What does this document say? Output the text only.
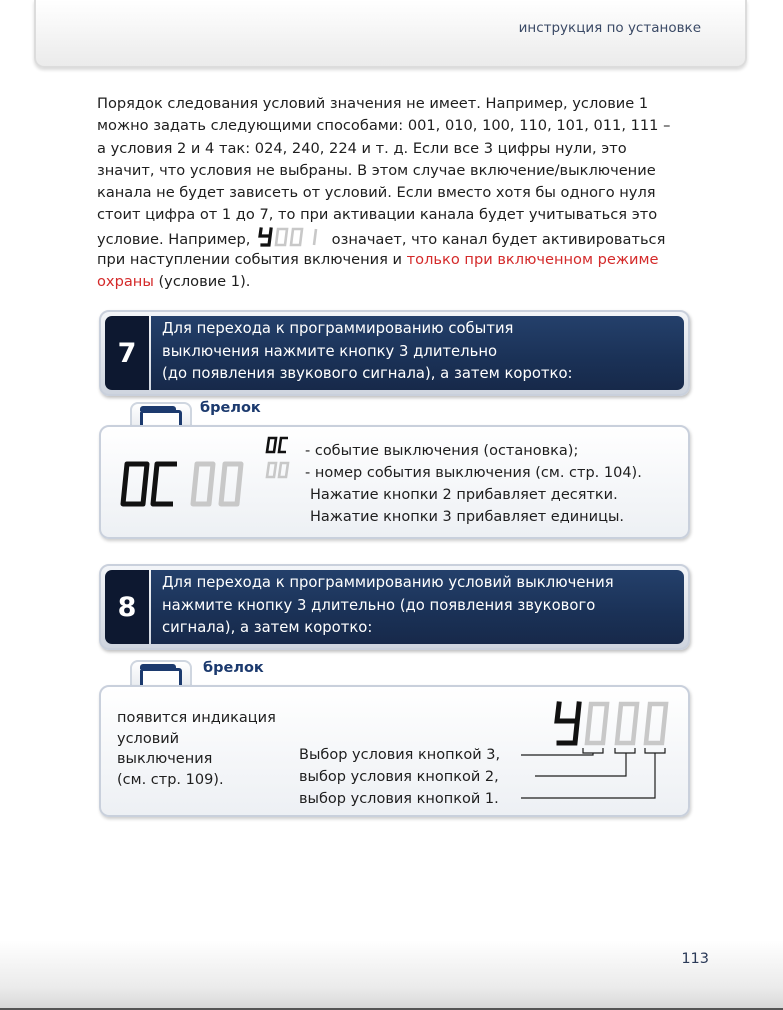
инструкция по установке
Порядок следования условий значения не имеет. Например, условие 1
можно задать следующими способами: 001, 010, 100, 110, 101, 011, 111 –
а условия 2 и 4 так: 024, 240, 224 и т. д. Если все 3 цифры нули, это
значит, что условия не выбраны. В этом случае включение/выключение
канала не будет зависеть от условий. Если вместо хотя бы одного нуля
стоит цифра от 1 до 7, то при активации канала будет учитываться это
условие. Например,	означает, что канал будет активироваться
при наступлении события включения и только при включенном режиме
охраны (условие 1).
7
Для перехода к программированию события
выключения нажмите кнопку 3 длительно
(до появления звукового сигнала), а затем коротко:
брелок
- событие выключения (остановка);
- номер события выключения (см. стр. 104).
Нажатие кнопки 2 прибавляет десятки.
Нажатие кнопки 3 прибавляет единицы.
8
Для перехода к программированию условий выключения
нажмите кнопку 3 длительно (до появления звукового
сигнала), а затем коротко:
брелок
появится индикация
условий
выключения
(см. стр. 109).
Выбор условия кнопкой 3,
выбор условия кнопкой 2,
выбор условия кнопкой 1.
113
